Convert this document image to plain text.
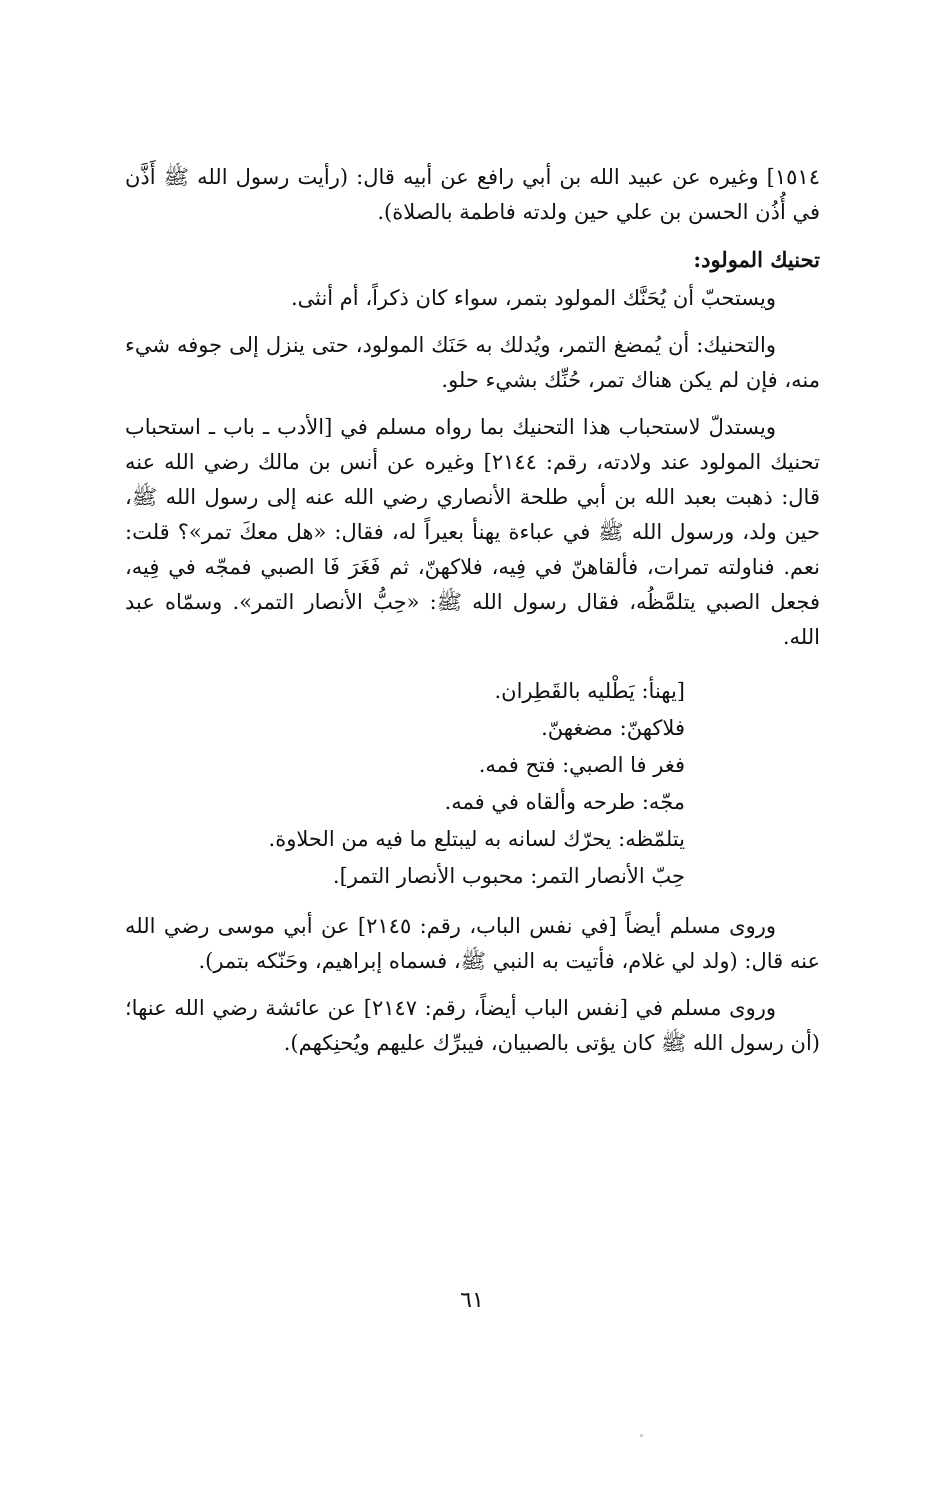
١٥١٤] وغيره عن عبيد الله بن أبي رافع عن أبيه قال: (رأيت رسول الله ﷺ أَذَّن في أُذُن الحسن بن علي حين ولدته فاطمة بالصلاة).

تحنيك المولود:

ويستحبّ أن يُحَنَّك المولود بتمر، سواء كان ذكراً، أم أنثى.

والتحنيك: أن يُمضغ التمر، ويُدلك به حَنَك المولود، حتى ينزل إلى جوفه شيء منه، فإن لم يكن هناك تمر، حُنِّك بشيء حلو.

ويستدلّ لاستحباب هذا التحنيك بما رواه مسلم في [الأدب ـ باب ـ استحباب تحنيك المولود عند ولادته، رقم: ٢١٤٤] وغيره عن أنس بن مالك رضي الله عنه قال: ذهبت بعبد الله بن أبي طلحة الأنصاري رضي الله عنه إلى رسول الله ﷺ، حين ولد، ورسول الله ﷺ في عباءة يهنأ بعيراً له، فقال: «هل معكَ تمر»؟ قلت: نعم. فناولته تمرات، فألقاهنّ في فِيه، فلاكهنّ، ثم فَغَرَ فَا الصبي فمجّه في فِيه، فجعل الصبي يتلمَّظُه، فقال رسول الله ﷺ: «حِبُّ الأنصار التمر». وسمّاه عبد الله.

[يهنأ: يَطْليه بالقَطِران.

فلاكهنّ: مضغهنّ.

فغر فا الصبي: فتح فمه.

مجّه: طرحه وألقاه في فمه.

يتلمّظه: يحرّك لسانه به ليبتلع ما فيه من الحلاوة.

حِبّ الأنصار التمر: محبوب الأنصار التمر].

وروى مسلم أيضاً [في نفس الباب، رقم: ٢١٤٥] عن أبي موسى رضي الله عنه قال: (ولد لي غلام، فأتيت به النبي ﷺ، فسماه إبراهيم، وحَنّكه بتمر).

وروى مسلم في [نفس الباب أيضاً، رقم: ٢١٤٧] عن عائشة رضي الله عنها؛ (أن رسول الله ﷺ كان يؤتى بالصبيان، فيبرِّك عليهم ويُحنِكهم).

٦١
